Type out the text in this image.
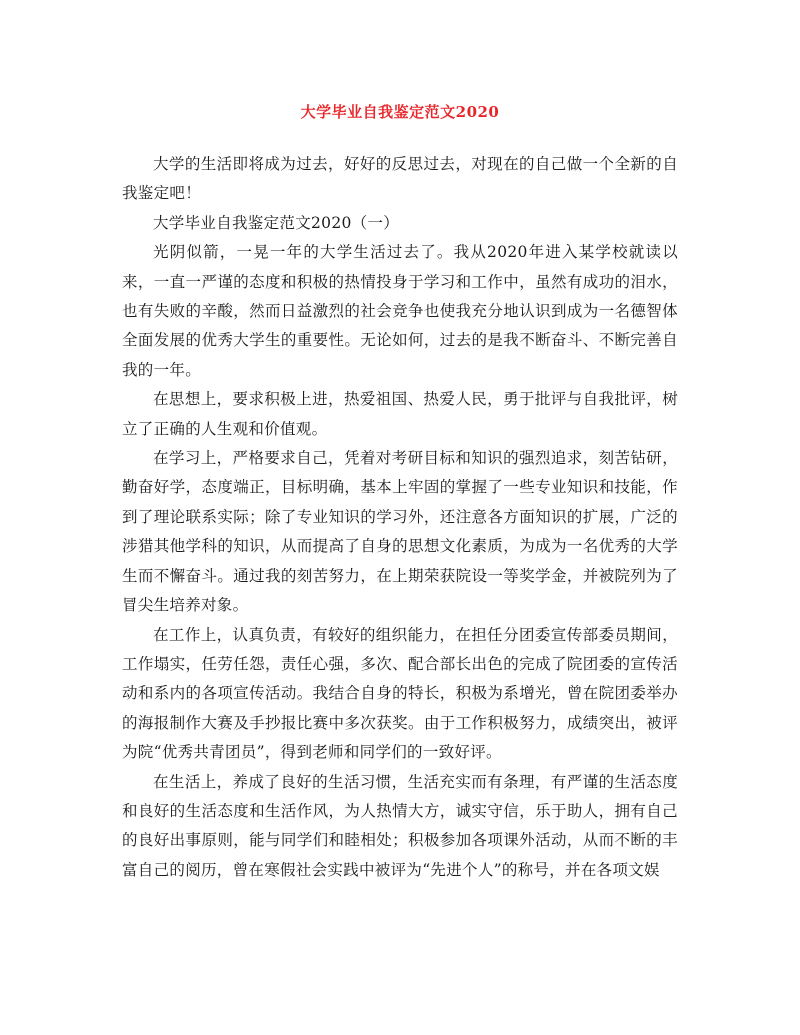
大学毕业自我鉴定范文2020

大学的生活即将成为过去，好好的反思过去，对现在的自己做一个全新的自我鉴定吧！

大学毕业自我鉴定范文2020（一）

光阴似箭，一晃一年的大学生活过去了。我从2020年进入某学校就读以来，一直一严谨的态度和积极的热情投身于学习和工作中，虽然有成功的泪水，也有失败的辛酸，然而日益激烈的社会竞争也使我充分地认识到成为一名德智体全面发展的优秀大学生的重要性。无论如何，过去的是我不断奋斗、不断完善自我的一年。

在思想上，要求积极上进，热爱祖国、热爱人民，勇于批评与自我批评，树立了正确的人生观和价值观。

在学习上，严格要求自己，凭着对考研目标和知识的强烈追求，刻苦钻研，勤奋好学，态度端正，目标明确，基本上牢固的掌握了一些专业知识和技能，作到了理论联系实际；除了专业知识的学习外，还注意各方面知识的扩展，广泛的涉猎其他学科的知识，从而提高了自身的思想文化素质，为成为一名优秀的大学生而不懈奋斗。通过我的刻苦努力，在上期荣获院设一等奖学金，并被院列为了冒尖生培养对象。

在工作上，认真负责，有较好的组织能力，在担任分团委宣传部委员期间，工作塌实，任劳任怨，责任心强，多次、配合部长出色的完成了院团委的宣传活动和系内的各项宣传活动。我结合自身的特长，积极为系增光，曾在院团委举办的海报制作大赛及手抄报比赛中多次获奖。由于工作积极努力，成绩突出，被评为院“优秀共青团员”，得到老师和同学们的一致好评。

在生活上，养成了良好的生活习惯，生活充实而有条理，有严谨的生活态度和良好的生活态度和生活作风，为人热情大方，诚实守信，乐于助人，拥有自己的良好出事原则，能与同学们和睦相处；积极参加各项课外活动，从而不断的丰富自己的阅历，曾在寒假社会实践中被评为“先进个人”的称号，并在各项文娱
